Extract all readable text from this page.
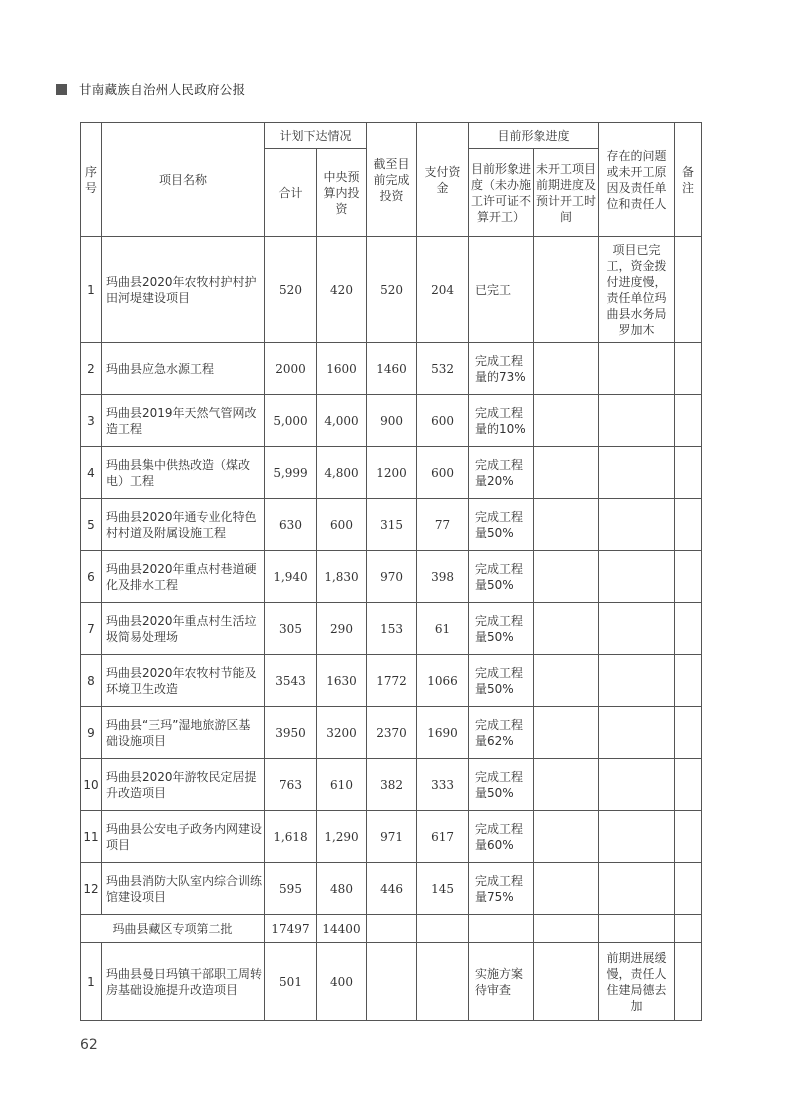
甘南藏族自治州人民政府公报
序号	项目名称	计划下达情况		截至目前完成投资	支付资金	目前形象进度		存在的问题或未开工原因及责任单位和责任人	备注
		合计	中央预算内投资			目前形象进度（未办施工许可证不算开工）	未开工项目前期进度及预计开工时间		
1	玛曲县2020年农牧村护村护田河堤建设项目	520	420	520	204	已完工		项目已完工，资金拨付进度慢，责任单位玛曲县水务局罗加木	
2	玛曲县应急水源工程	2000	1600	1460	532	完成工程量的73%			
3	玛曲县2019年天然气管网改造工程	5,000	4,000	900	600	完成工程量的10%			
4	玛曲县集中供热改造（煤改电）工程	5,999	4,800	1200	600	完成工程量20%			
5	玛曲县2020年通专业化特色村村道及附属设施工程	630	600	315	77	完成工程量50%			
6	玛曲县2020年重点村巷道硬化及排水工程	1,940	1,830	970	398	完成工程量50%			
7	玛曲县2020年重点村生活垃圾简易处理场	305	290	153	61	完成工程量50%			
8	玛曲县2020年农牧村节能及环境卫生改造	3543	1630	1772	1066	完成工程量50%			
9	玛曲县“三玛”湿地旅游区基础设施项目	3950	3200	2370	1690	完成工程量62%			
10	玛曲县2020年游牧民定居提升改造项目	763	610	382	333	完成工程量50%			
11	玛曲县公安电子政务内网建设项目	1,618	1,290	971	617	完成工程量60%			
12	玛曲县消防大队室内综合训练馆建设项目	595	480	446	145	完成工程量75%			
玛曲县藏区专项第二批		17497	14400						
1	玛曲县曼日玛镇干部职工周转房基础设施提升改造项目	501	400			实施方案待审查		前期进展缓慢，责任人住建局德去加	
62
